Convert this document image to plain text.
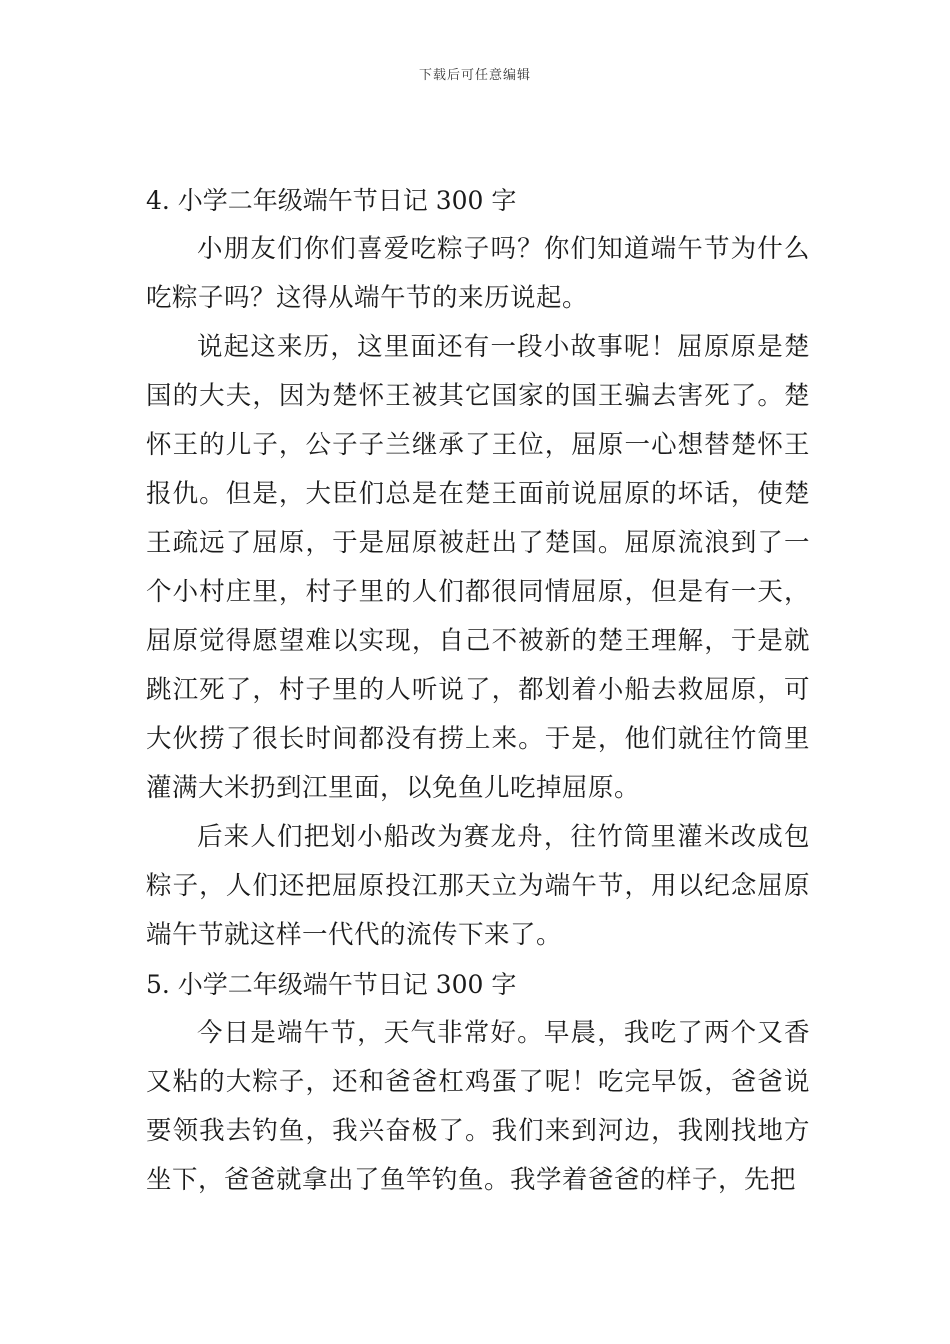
下载后可任意编辑
4. 小学二年级端午节日记 300 字

小朋友们你们喜爱吃粽子吗？你们知道端午节为什么吃粽子吗？这得从端午节的来历说起。

说起这来历，这里面还有一段小故事呢！屈原原是楚国的大夫，因为楚怀王被其它国家的国王骗去害死了。楚怀王的儿子，公子子兰继承了王位，屈原一心想替楚怀王报仇。但是，大臣们总是在楚王面前说屈原的坏话，使楚王疏远了屈原，于是屈原被赶出了楚国。屈原流浪到了一个小村庄里，村子里的人们都很同情屈原，但是有一天，屈原觉得愿望难以实现，自己不被新的楚王理解，于是就跳江死了，村子里的人听说了，都划着小船去救屈原，可大伙捞了很长时间都没有捞上来。于是，他们就往竹筒里灌满大米扔到江里面，以免鱼儿吃掉屈原。

后来人们把划小船改为赛龙舟，往竹筒里灌米改成包粽子，人们还把屈原投江那天立为端午节，用以纪念屈原端午节就这样一代代的流传下来了。

5. 小学二年级端午节日记 300 字

今日是端午节，天气非常好。早晨，我吃了两个又香又粘的大粽子，还和爸爸杠鸡蛋了呢！吃完早饭，爸爸说要领我去钓鱼，我兴奋极了。我们来到河边，我刚找地方坐下，爸爸就拿出了鱼竿钓鱼。我学着爸爸的样子，先把
